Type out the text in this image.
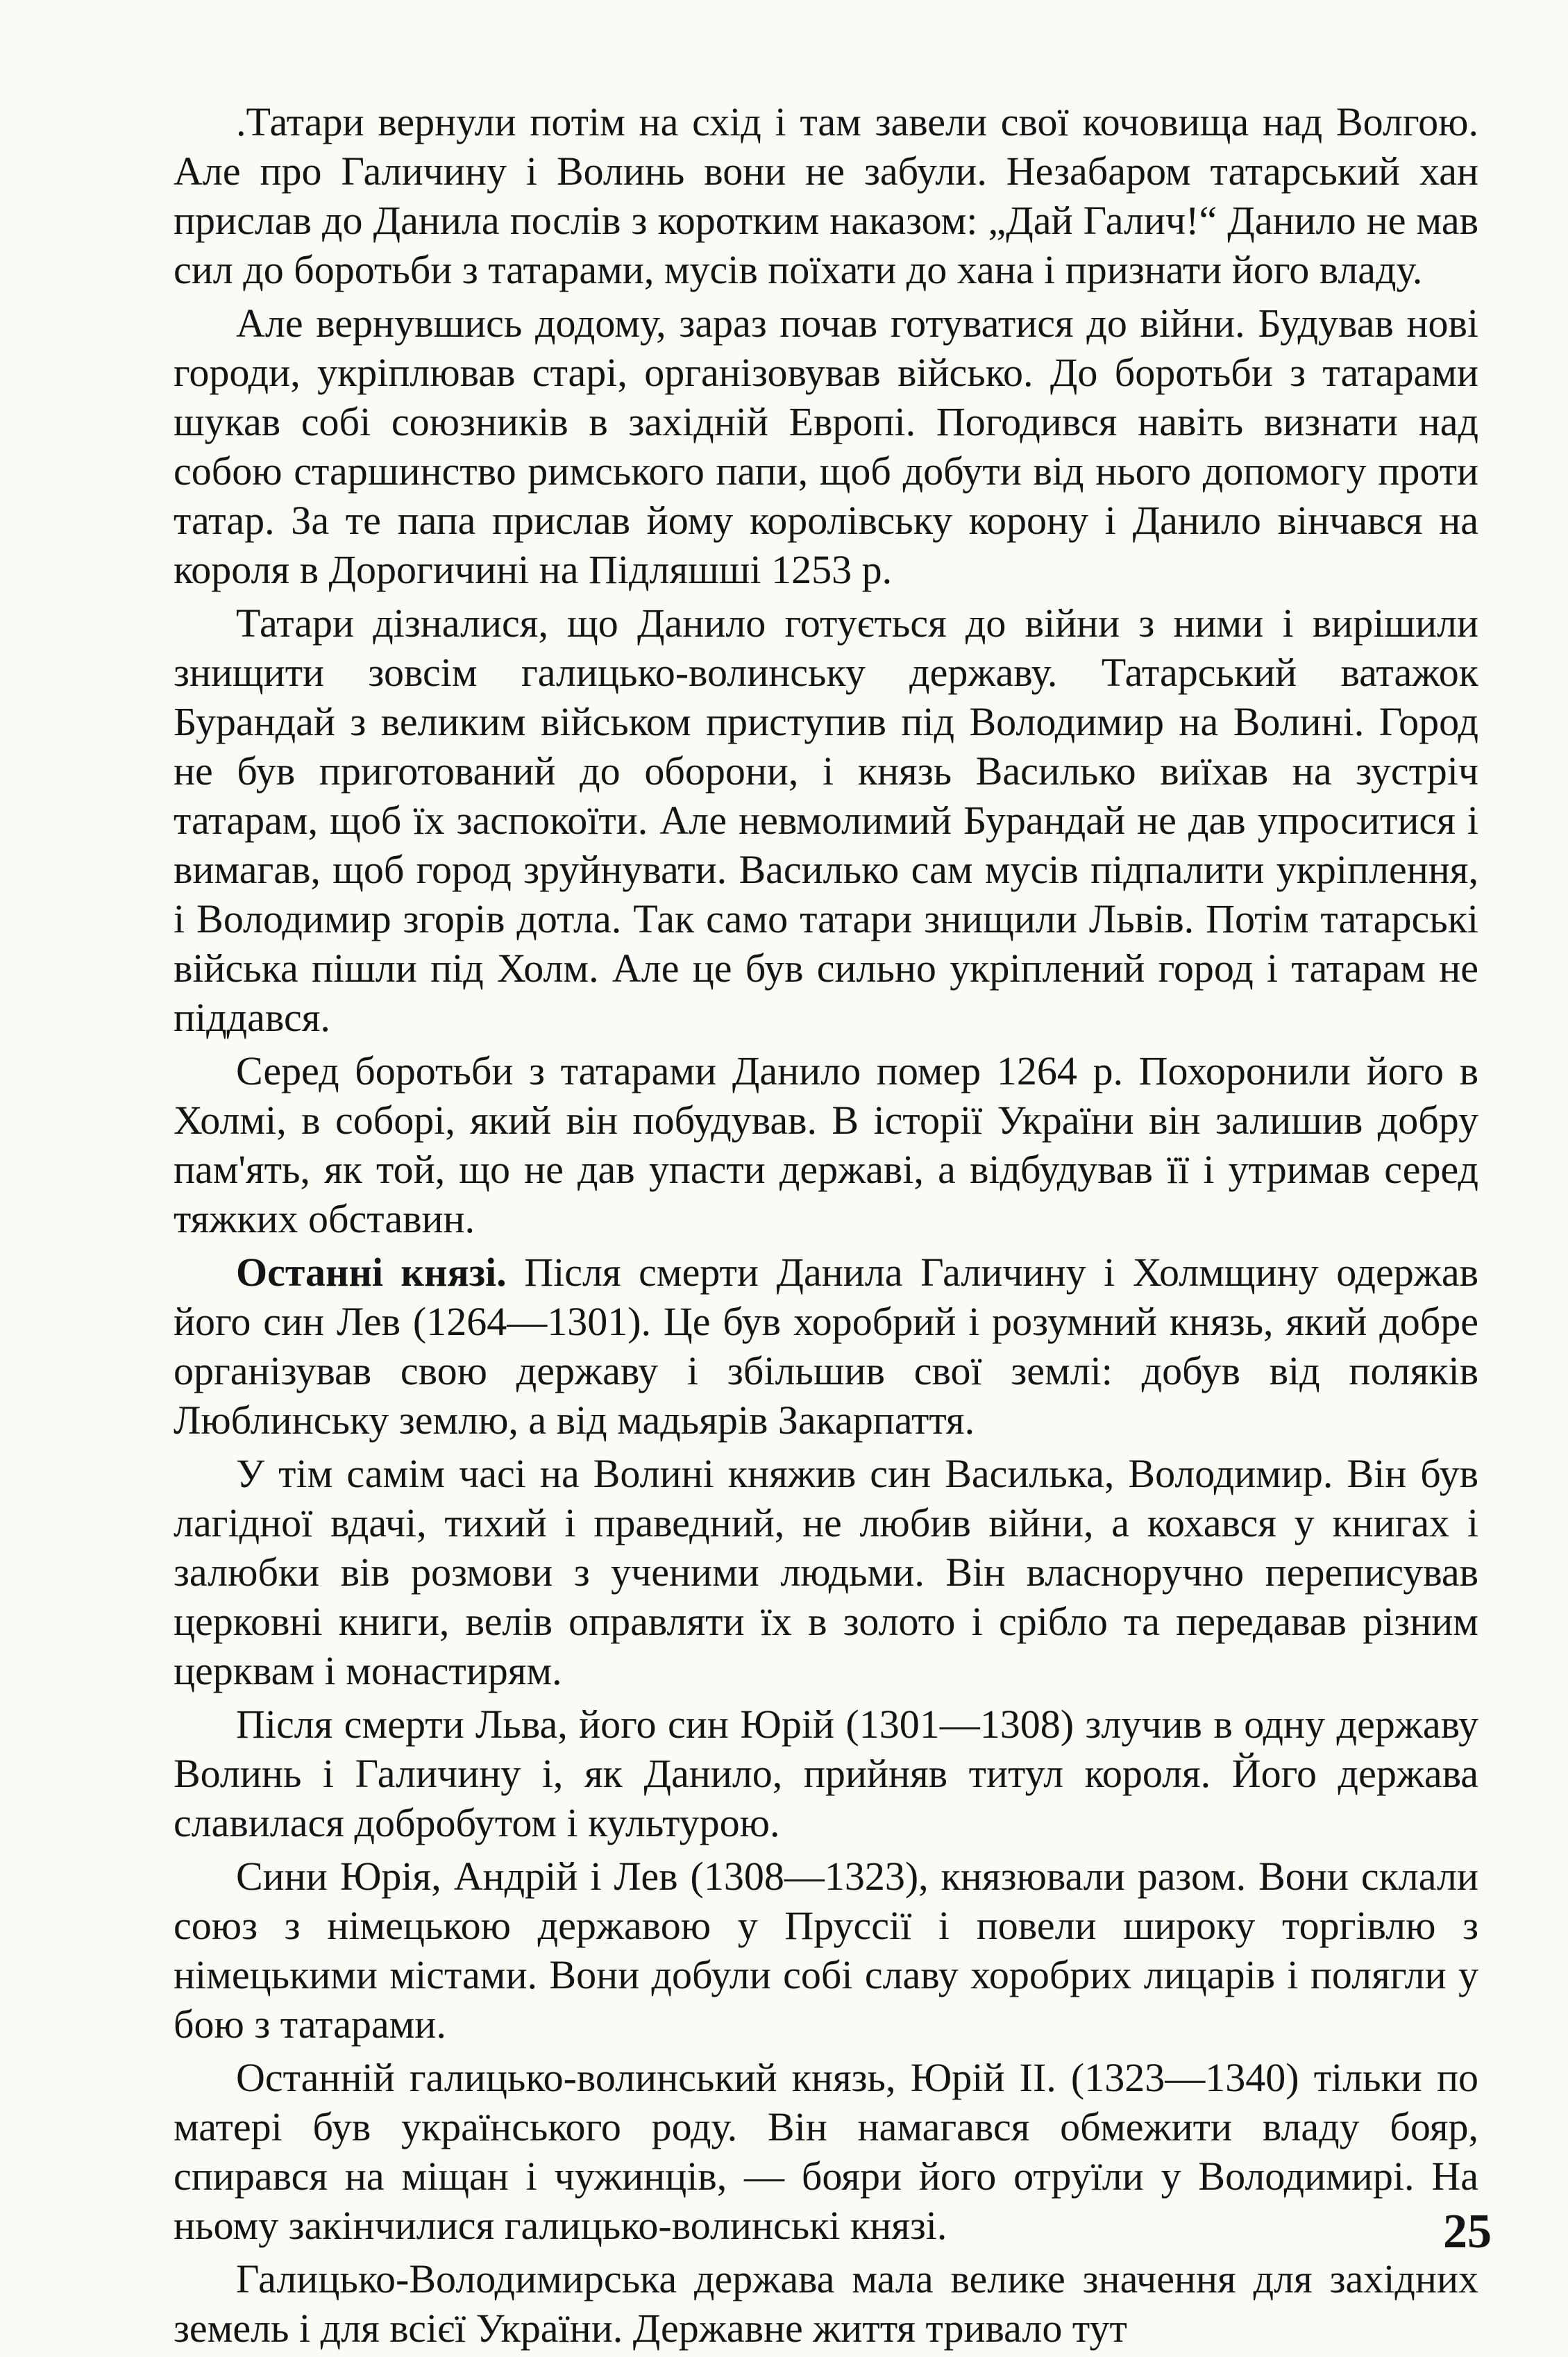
.Татари вернули потім на схід і там завели свої кочовища над Волгою. Але про Галичину і Волинь вони не забули. Незабаром татарський хан прислав до Данила послів з коротким наказом: „Дай Галич!“ Данило не мав сил до боротьби з татарами, мусів поїхати до хана і признати його владу.

Але вернувшись додому, зараз почав готуватися до війни. Будував нові городи, укріплював старі, організовував військо. До боротьби з татарами шукав собі союзників в західній Европі. Погодився навіть визнати над собою старшинство римського папи, щоб добути від нього допомогу проти татар. За те папа прислав йому королівську корону і Данило вінчався на короля в Дорогичині на Підляшші 1253 р.

Татари дізналися, що Данило готується до війни з ними і вирішили знищити зовсім галицько-волинську державу. Татарський ватажок Бурандай з великим військом приступив під Володимир на Волині. Город не був приготований до оборони, і князь Василько виїхав на зустріч татарам, щоб їх заспокоїти. Але невмолимий Бурандай не дав упроситися і вимагав, щоб город зруйнувати. Василько сам мусів підпалити укріплення, і Володимир згорів дотла. Так само татари знищили Львів. Потім татарські війська пішли під Холм. Але це був сильно укріплений город і татарам не піддався.

Серед боротьби з татарами Данило помер 1264 р. Похоронили його в Холмі, в соборі, який він побудував. В історії України він залишив добру пам'ять, як той, що не дав упасти державі, а відбудував її і утримав серед тяжких обставин.

Останні князі. Після смерти Данила Галичину і Холмщину одержав його син Лев (1264—1301). Це був хоробрий і розумний князь, який добре організував свою державу і збільшив свої землі: добув від поляків Люблинську землю, а від мадьярів Закарпаття.

У тім самім часі на Волині княжив син Василька, Володимир. Він був лагідної вдачі, тихий і праведний, не любив війни, а кохався у книгах і залюбки вів розмови з ученими людьми. Він власноручно переписував церковні книги, велів оправляти їх в золото і срібло та передавав різним церквам і монастирям.

Після смерти Льва, його син Юрій (1301—1308) злучив в одну державу Волинь і Галичину і, як Данило, прийняв титул короля. Його держава славилася добробутом і культурою.

Сини Юрія, Андрій і Лев (1308—1323), князювали разом. Вони склали союз з німецькою державою у Пруссії і повели широку торгівлю з німецькими містами. Вони добули собі славу хоробрих лицарів і полягли у бою з татарами.

Останній галицько-волинський князь, Юрій II. (1323—1340) тільки по матері був українського роду. Він намагався обмежити владу бояр, спирався на міщан і чужинців, — бояри його отруїли у Володимирі. На ньому закінчилися галицько-волинські князі.

Галицько-Володимирська держава мала велике значення для західних земель і для всієї України. Державне життя тривало тут

25
